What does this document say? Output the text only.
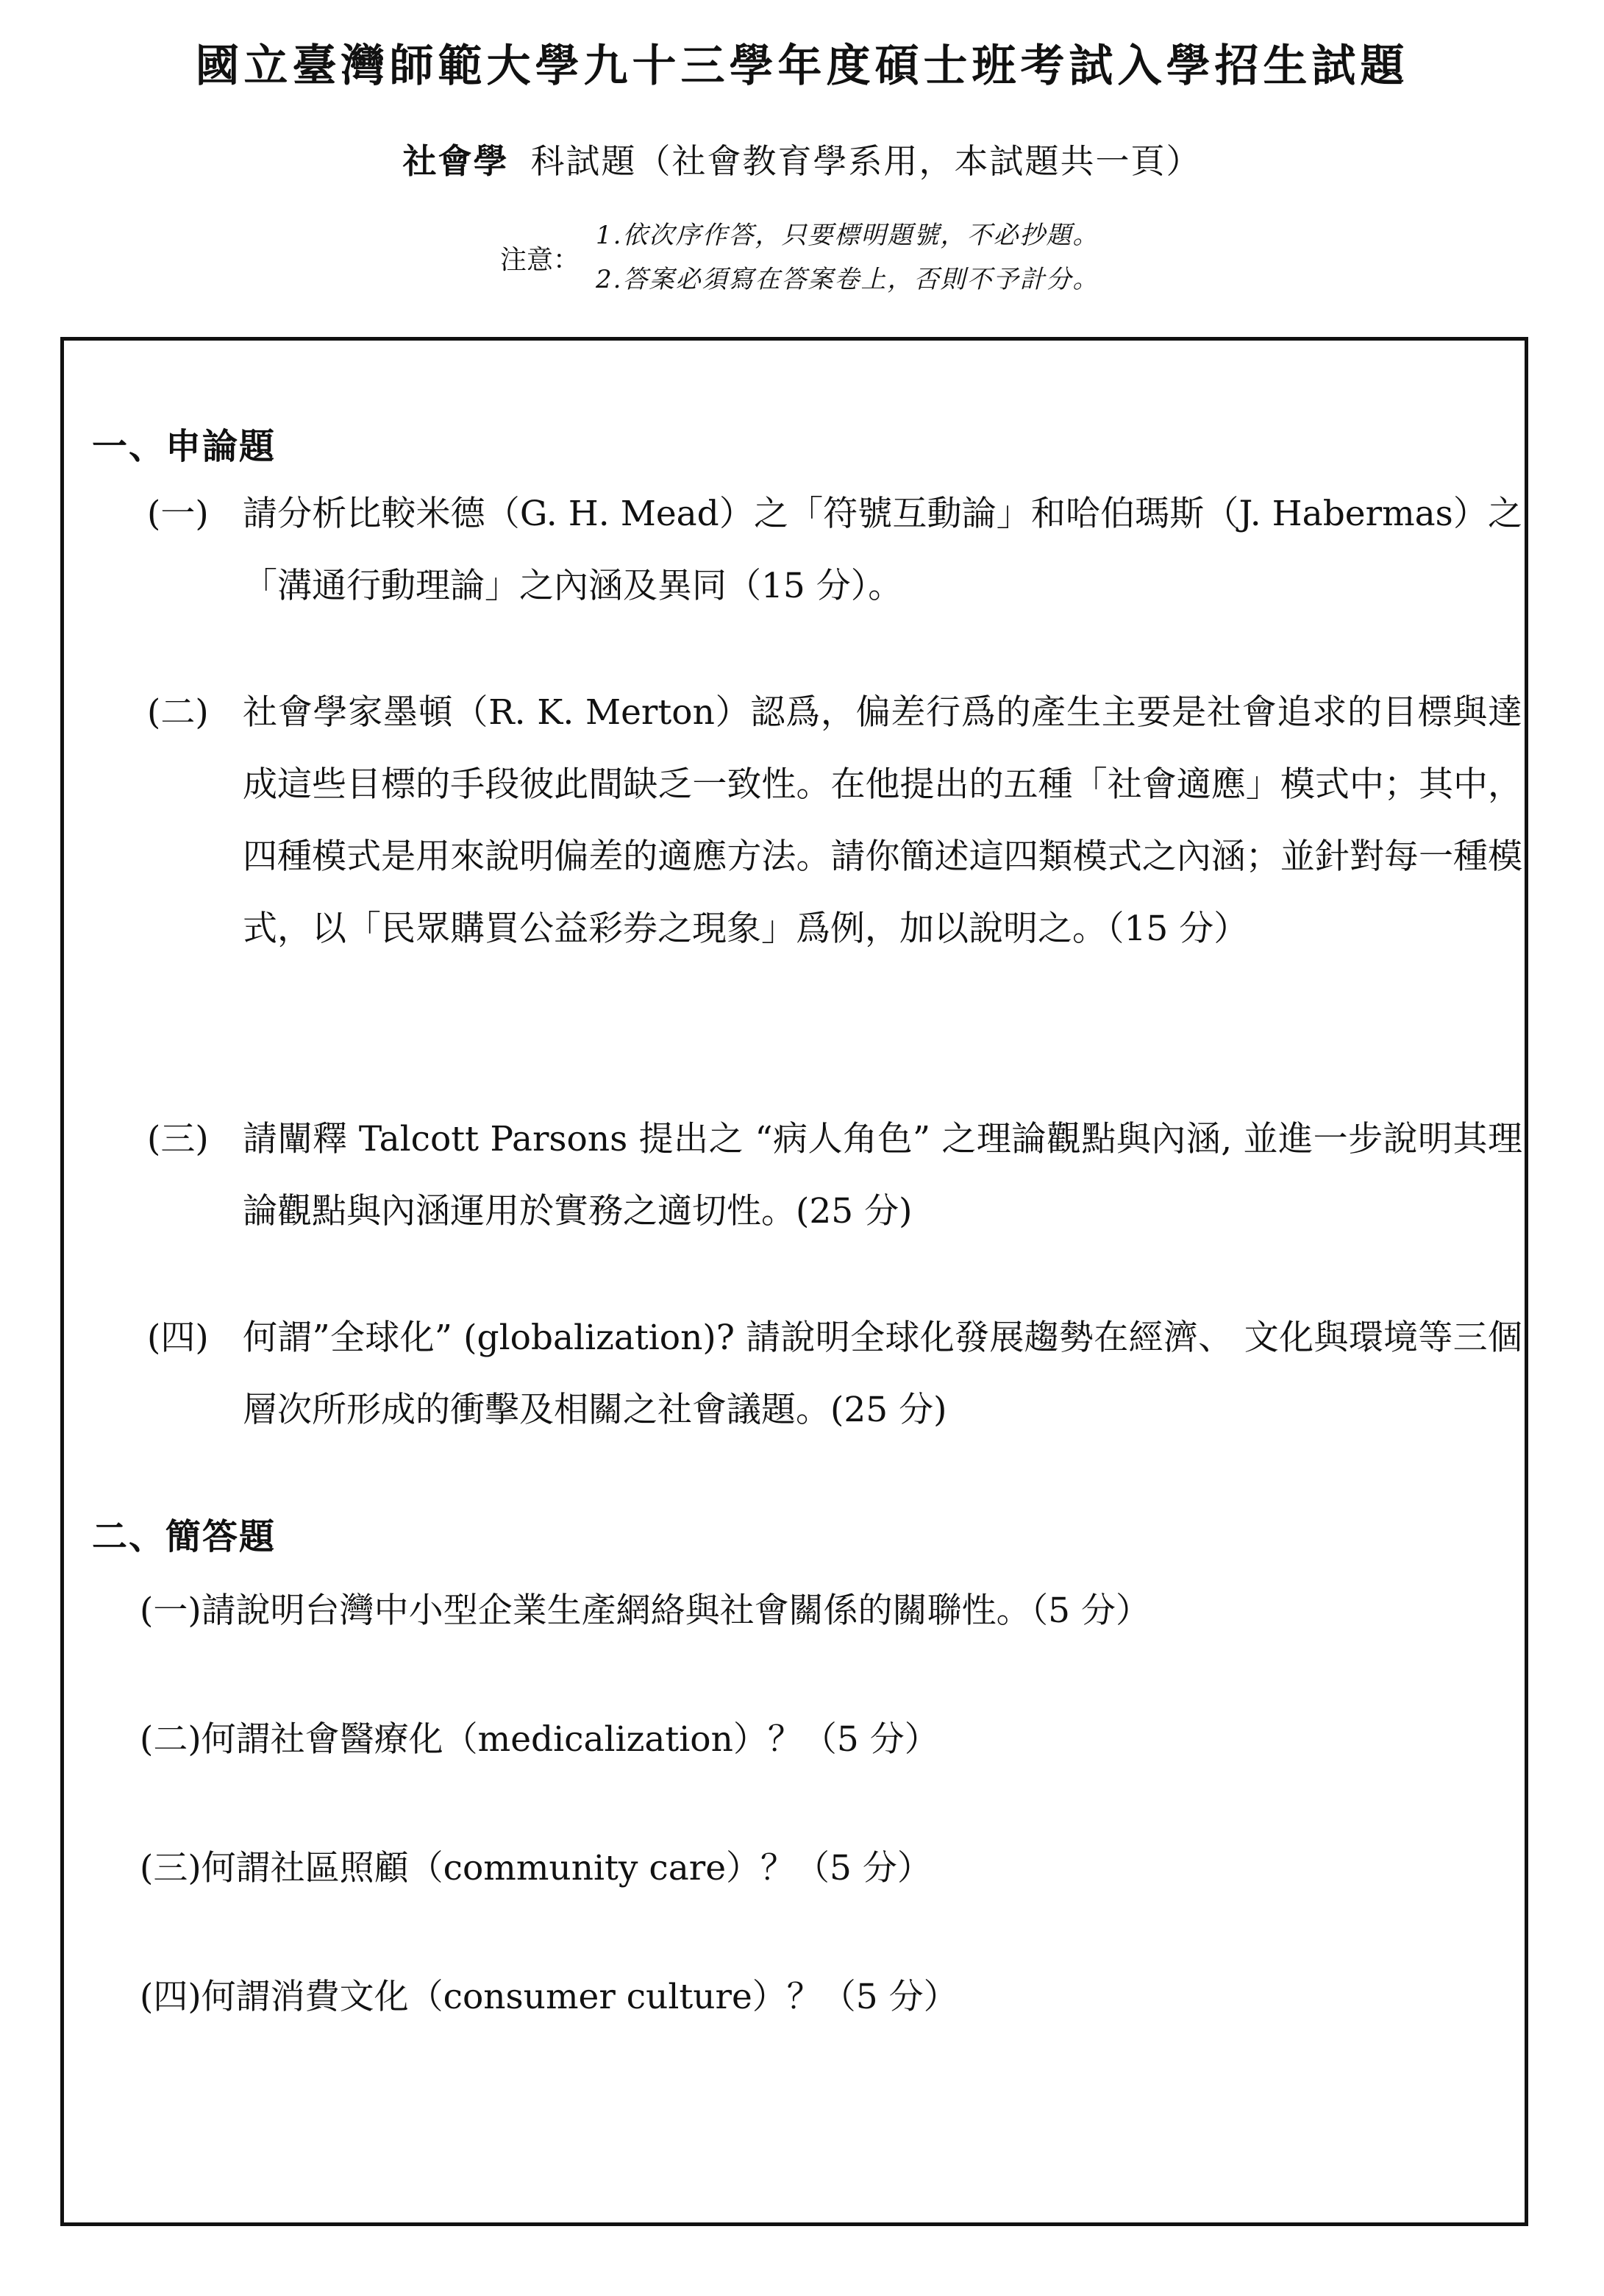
國立臺灣師範大學九十三學年度碩士班考試入學招生試題
社會學 科試題（社會教育學系用，本試題共一頁）
注意：
1.依次序作答，只要標明題號，不必抄題。
2.答案必須寫在答案卷上，否則不予計分。
一、申論題
(一) 請分析比較米德（G. H. Mead）之「符號互動論」和哈伯瑪斯（J. Habermas）之「溝通行動理論」之內涵及異同（15 分）。
(二) 社會學家墨頓（R. K. Merton）認爲，偏差行爲的產生主要是社會追求的目標與達成這些目標的手段彼此間缺乏一致性。在他提出的五種「社會適應」模式中；其中，四種模式是用來說明偏差的適應方法。請你簡述這四類模式之內涵；並針對每一種模式，以「民眾購買公益彩券之現象」爲例，加以說明之。（15 分）
(三) 請闡釋 Talcott Parsons 提出之 “病人角色” 之理論觀點與內涵, 並進一步說明其理論觀點與內涵運用於實務之適切性。(25 分)
(四) 何謂”全球化” (globalization)? 請說明全球化發展趨勢在經濟、 文化與環境等三個層次所形成的衝擊及相關之社會議題。(25 分)
二、簡答題
(一)請說明台灣中小型企業生產網絡與社會關係的關聯性。（5 分）
(二)何謂社會醫療化（medicalization）？（5 分）
(三)何謂社區照顧（community care）？（5 分）
(四)何謂消費文化（consumer culture）？（5 分）
